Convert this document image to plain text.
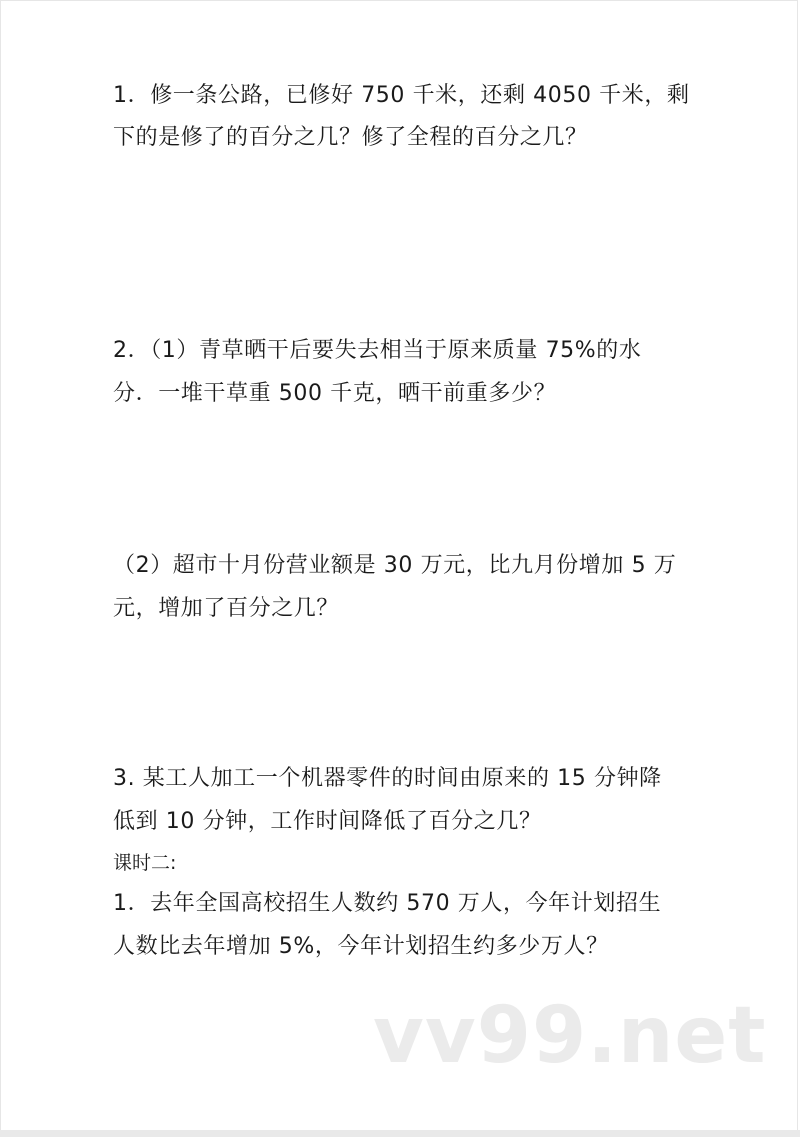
1．修一条公路，已修好 750 千米，还剩 4050 千米，剩
下的是修了的百分之几？修了全程的百分之几？
2．（1）青草晒干后要失去相当于原来质量 75%的水
分．一堆干草重 500 千克，晒干前重多少？
（2）超市十月份营业额是 30 万元，比九月份增加 5 万
元，增加了百分之几？
3. 某工人加工一个机器零件的时间由原来的 15 分钟降
低到 10 分钟，工作时间降低了百分之几？
课时二:
1．去年全国高校招生人数约 570 万人，今年计划招生
人数比去年增加 5%，今年计划招生约多少万人？
vv99.net
